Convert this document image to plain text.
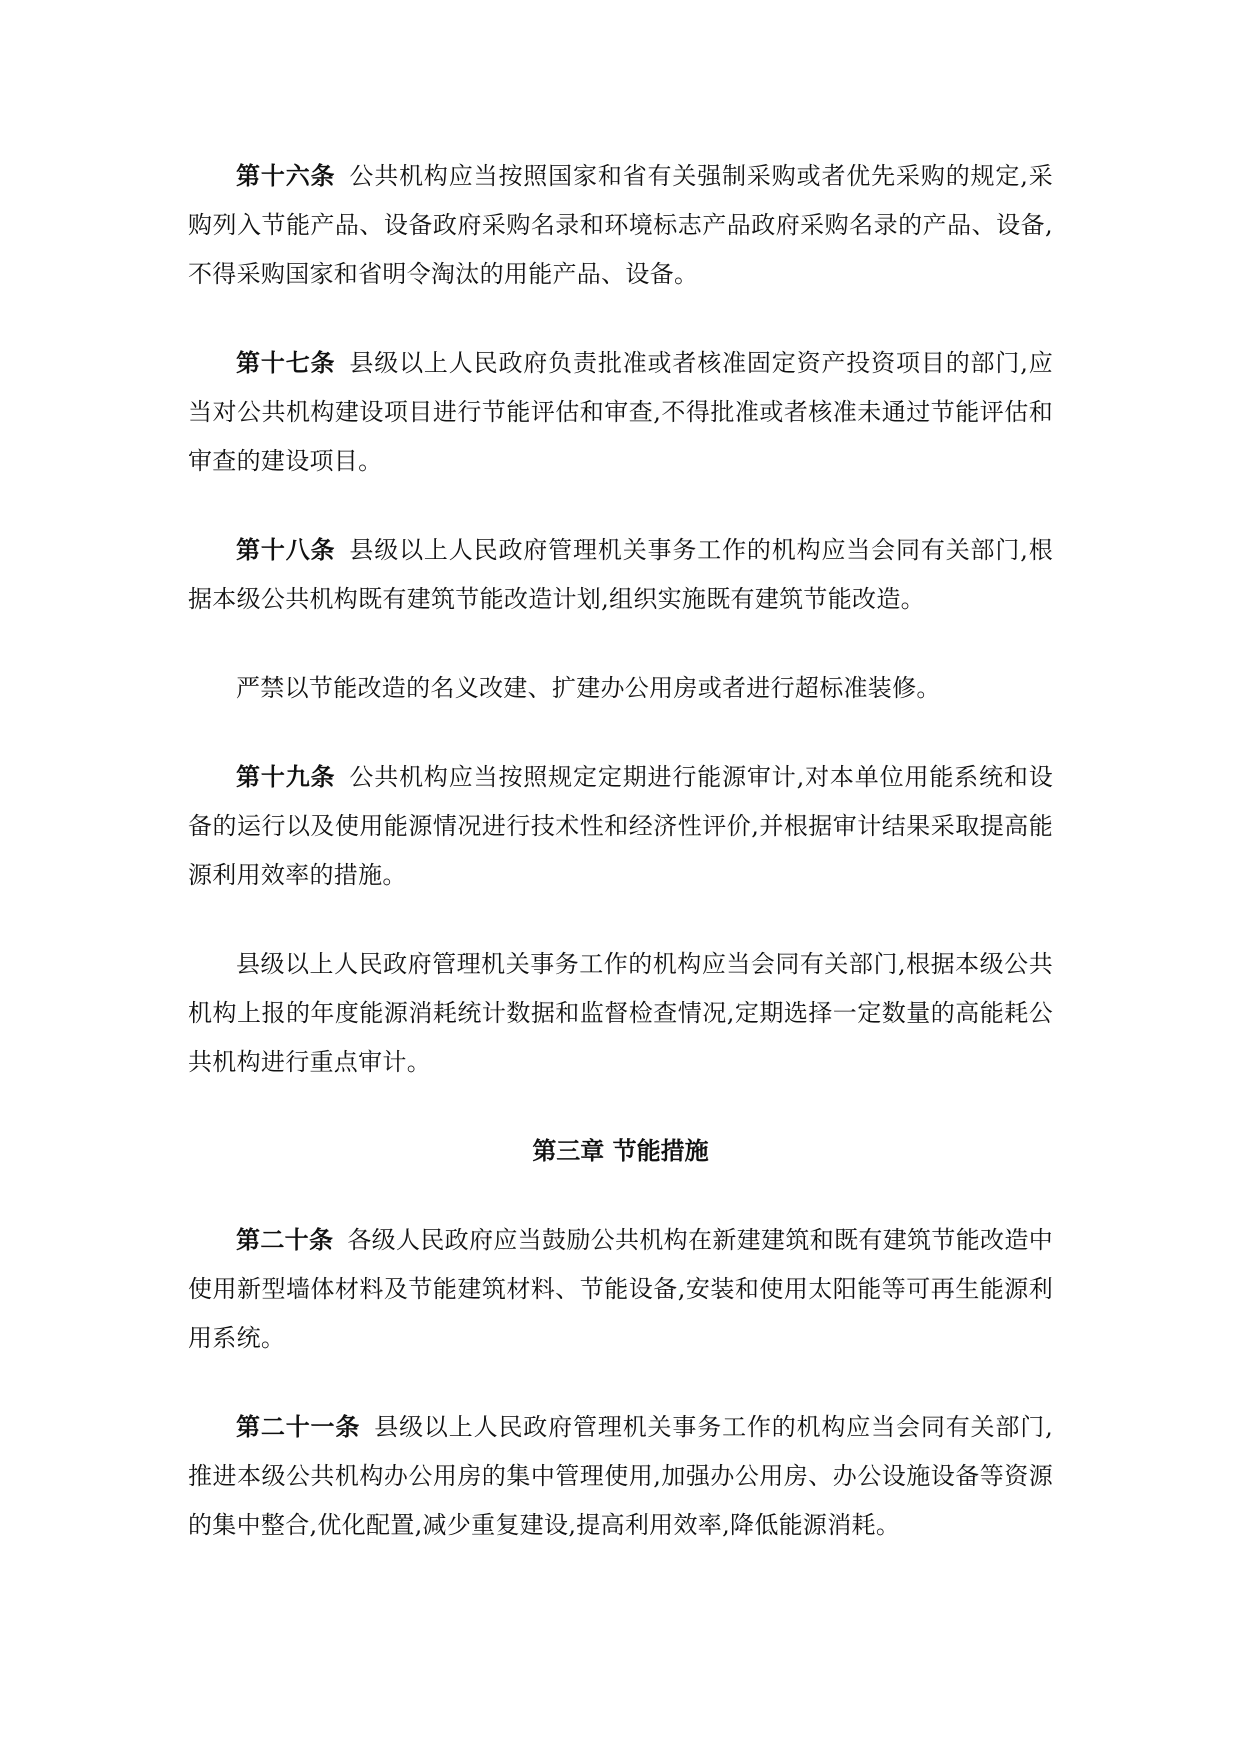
第十六条 公共机构应当按照国家和省有关强制采购或者优先采购的规定,采购列入节能产品、设备政府采购名录和环境标志产品政府采购名录的产品、设备,不得采购国家和省明令淘汰的用能产品、设备。

第十七条 县级以上人民政府负责批准或者核准固定资产投资项目的部门,应当对公共机构建设项目进行节能评估和审查,不得批准或者核准未通过节能评估和审查的建设项目。

第十八条 县级以上人民政府管理机关事务工作的机构应当会同有关部门,根据本级公共机构既有建筑节能改造计划,组织实施既有建筑节能改造。

严禁以节能改造的名义改建、扩建办公用房或者进行超标准装修。

第十九条 公共机构应当按照规定定期进行能源审计,对本单位用能系统和设备的运行以及使用能源情况进行技术性和经济性评价,并根据审计结果采取提高能源利用效率的措施。

县级以上人民政府管理机关事务工作的机构应当会同有关部门,根据本级公共机构上报的年度能源消耗统计数据和监督检查情况,定期选择一定数量的高能耗公共机构进行重点审计。

第三章 节能措施

第二十条 各级人民政府应当鼓励公共机构在新建建筑和既有建筑节能改造中使用新型墙体材料及节能建筑材料、节能设备,安装和使用太阳能等可再生能源利用系统。

第二十一条 县级以上人民政府管理机关事务工作的机构应当会同有关部门,推进本级公共机构办公用房的集中管理使用,加强办公用房、办公设施设备等资源的集中整合,优化配置,减少重复建设,提高利用效率,降低能源消耗。
